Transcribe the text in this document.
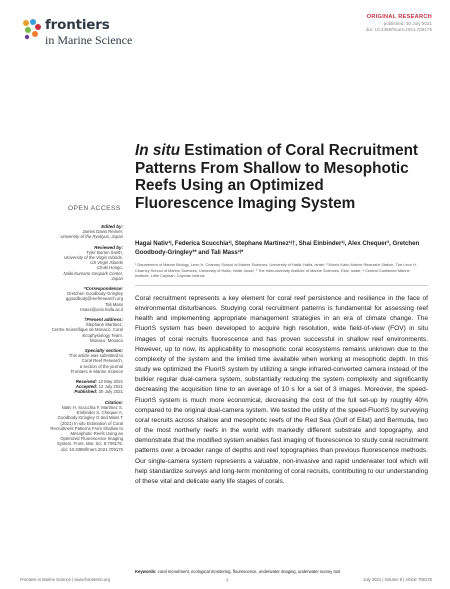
frontiers
in Marine Science
ORIGINAL RESEARCH
published: 30 July 2021
doi: 10.3389/fmars.2021.709175
In situ Estimation of Coral Recruitment Patterns From Shallow to Mesophotic Reefs Using an Optimized Fluorescence Imaging System
OPEN ACCESS
Hagai Nativ¹ʲ, Federica Scucchia¹ʲ, Stephane Martinez¹ʲ†, Shai Einbinder¹ʲ, Alex Chequer³, Gretchen Goodbody-Gringley³* and Tali Mass¹ʲ*
¹ Department of Marine Biology, Leon H. Charney School of Marine Sciences, University of Haifa, Haifa, Israel, ² Morris Kahn Marine Research Station, The Leon H. Charney School of Marine Sciences, University of Haifa, Haifa, Israel, ³ The Interuniversity Institute of Marine Sciences, Eilat, Israel, ⁴ Central Caribbean Marine Institute, Little Cayman, Cayman Islands
Edited by:
James Davis Reimer,
University of the Ryukyus, Japan
Reviewed by:
Tyler Burton Smith,
University of the Virgin Islands,
US Virgin Islands
Chuki Hongo,
Naiki Kumano Geopark Center,
Japan
*Correspondence:
Gretchen Goodbody-Gringley
ggoodbody@reefresearch.org
Tali Mass
tmass@univ.haifa.ac.il
†Present address:
Stephane Martinez,
Centre Scientifique de Monaco, Coral
Ecophysiology Team,
Monaco, Monaco
Specialty section:
This article was submitted to
Coral Reef Research,
a section of the journal
Frontiers in Marine Science
Received: 13 May 2021
Accepted: 12 July 2021
Published: 30 July 2021
Citation:
Nativ H, Scucchia F, Martinez S,
Einbinder S, Chequer A,
Goodbody-Gringley G and Mass T
(2021) In situ Estimation of Coral
Recruitment Patterns From Shallow to
Mesophotic Reefs Using an
Optimized Fluorescence Imaging
System. Front. Mar. Sci. 8:709175.
doi: 10.3389/fmars.2021.709175

Coral recruitment represents a key element for coral reef persistence and resilience in the face of environmental disturbances. Studying coral recruitment patterns is fundamental for assessing reef health and implementing appropriate management strategies in an era of climate change. The FluorIS system has been developed to acquire high resolution, wide field-of-view (FOV) in situ images of coral recruits fluorescence and has proven successful in shallow reef environments. However, up to now, its applicability to mesophotic coral ecosystems remains unknown due to the complexity of the system and the limited time available when working at mesophotic depth. In this study we optimized the FluorIS system by utilizing a single infrared-converted camera instead of the bulkier regular dual-camera system, substantially reducing the system complexity and significantly decreasing the acquisition time to an average of 10 s for a set of 3 images. Moreover, the speed-FluorIS system is much more economical, decreasing the cost of the full set-up by roughly 40% compared to the original dual-camera system. We tested the utility of the speed-FluorIS by surveying coral recruits across shallow and mesophotic reefs of the Red Sea (Gulf of Eilat) and Bermuda, two of the most northerly reefs in the world with markedly different substrate and topography, and demonstrate that the modified system enables fast imaging of fluorescence to study coral recruitment patterns over a broader range of depths and reef topographies than previous fluorescence methods. Our single-camera system represents a valuable, non-invasive and rapid underwater tool which will help standardize surveys and long-term monitoring of coral recruits, contributing to our understanding of these vital and delicate early life stages of corals.

Keywords: coral recruitment, ecological monitoring, fluorescence, underwater imaging, underwater survey tool
Frontiers in Marine Science | www.frontiersin.org	1	July 2021 | Volume 8 | Article 709175
